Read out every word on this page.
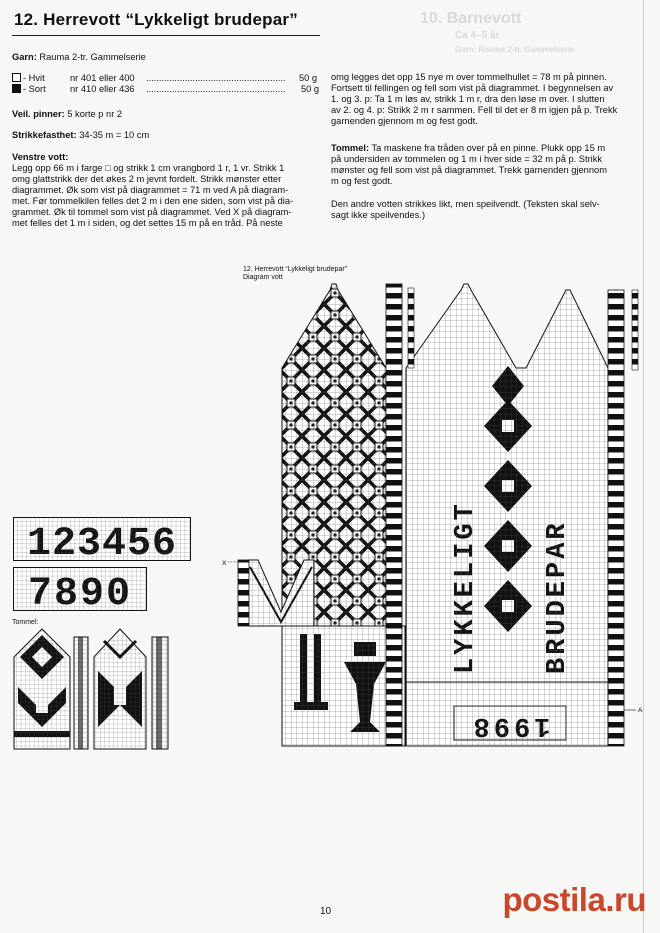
10. Barnevott
Ca 4–5 år
Garn: Rauma 2-tr. Gammelserie
12. Herrevott “Lykkeligt brudepar”
Garn: Rauma 2-tr. Gammelserie
- Hvit	nr 401 eller 400 ......................................................	50 g
- Sort	nr 410 eller 436 ......................................................	50 g
Veil. pinner: 5 korte p nr 2
Strikkefasthet: 34-35 m = 10 cm
Venstre vott:
Legg opp 66 m i farge □ og strikk 1 cm vrangbord 1 r, 1 vr. Strikk 1
omg glattstrikk der det økes 2 m jevnt fordelt. Strikk mønster etter
diagrammet. Øk som vist på diagrammet = 71 m ved A på diagram-
met. Før tommelkilen felles det 2 m i den ene siden, som vist på dia-
grammet. Øk til tommel som vist på diagrammet. Ved X på diagram-
met felles det 1 m i siden, og det settes 15 m på en tråd. På neste
omg legges det opp 15 nye m over tommelhullet = 78 m på pinnen.
Fortsett til fellingen og fell som vist på diagrammet. I begynnelsen av
1. og 3. p: Ta 1 m løs av, strikk 1 m r, dra den løse m over. I slutten
av 2. og 4. p: Strikk 2 m r sammen. Fell til det er 8 m igjen på p. Trekk
garnenden gjennom m og fest godt.
Tommel: Ta maskene fra tråden over på en pinne. Plukk opp 15 m
på undersiden av tommelen og 1 m i hver side = 32 m på p. Strikk
mønster og fell som vist på diagrammet. Trekk garnenden gjennom
m og fest godt.
Den andre votten strikkes likt, men speilvendt. (Teksten skal selv-
sagt ikke speilvendes.)
12. Herrevott “Lykkeligt brudepar”
Diagram vott
X
A
Tommel:
10	postila.ru
